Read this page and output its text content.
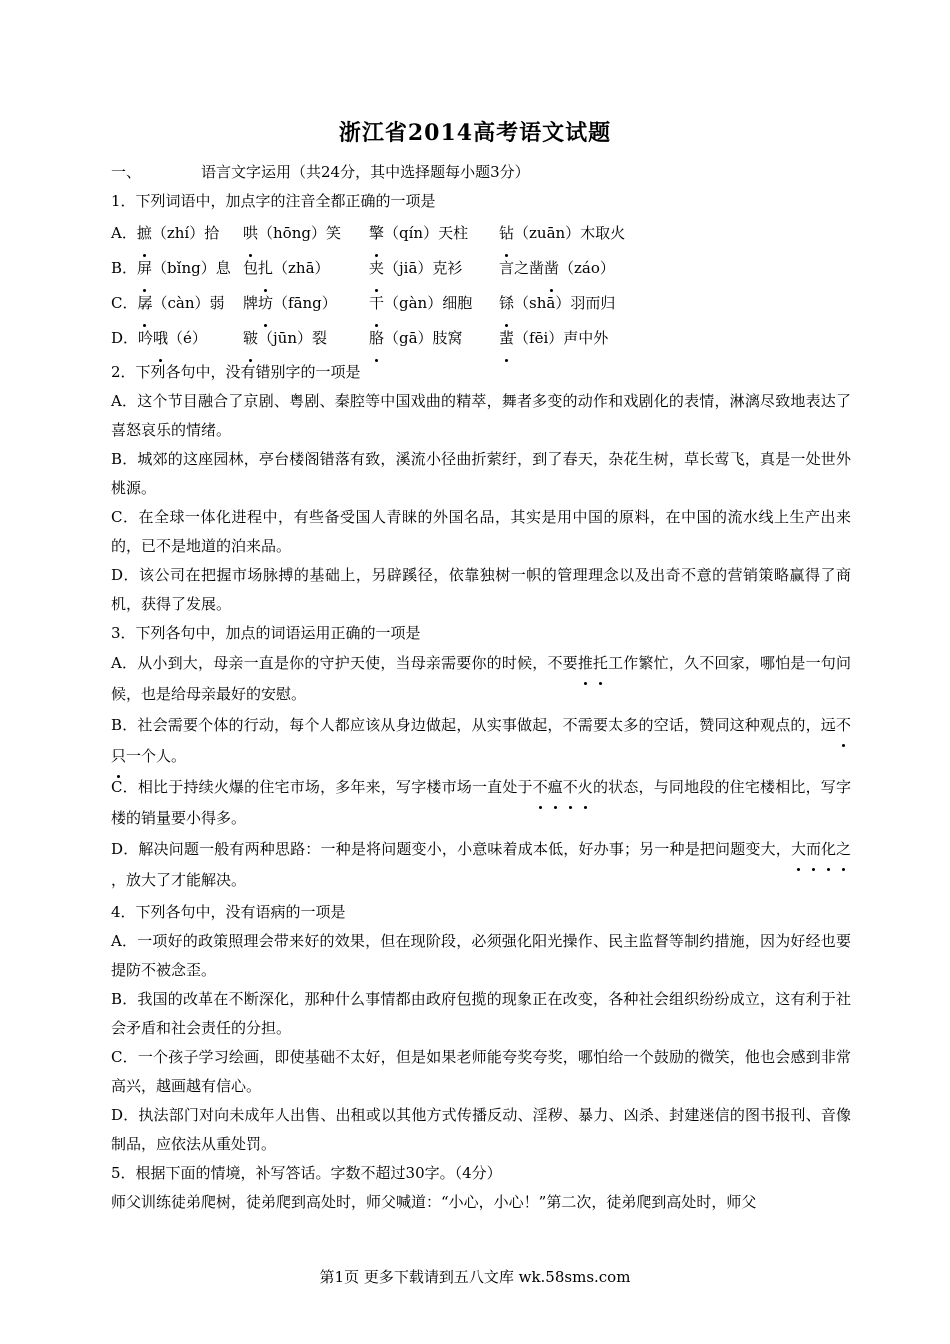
浙江省2014高考语文试题
一、	语言文字运用（共24分，其中选择题每小题3分）
1．下列词语中，加点字的注音全都正确的一项是
A．摭（zhí）拾 哄（hōng）笑 擎（qín）天柱 钻（zuān）木取火
B．屏（bǐng）息 包扎（zhā）	夹（jiā）克衫 言之凿凿（záo）
C．孱（càn）弱 牌坊（fāng） 干（gàn）细胞 铩（shā）羽而归
D．吟哦（é） 皲（jūn）裂	胳（gā）肢窝 蜚（fēi）声中外
2．下列各句中，没有错别字的一项是
A．这个节目融合了京剧、粤剧、秦腔等中国戏曲的精萃，舞者多变的动作和戏剧化的表情，淋漓尽致地表达了喜怒哀乐的情绪。
B．城郊的这座园林，亭台楼阁错落有致，溪流小径曲折萦纡，到了春天，杂花生树，草长莺飞，真是一处世外桃源。
C．在全球一体化进程中，有些备受国人青睐的外国名品，其实是用中国的原料，在中国的流水线上生产出来的，已不是地道的泊来品。
D．该公司在把握市场脉搏的基础上，另辟蹊径，依靠独树一帜的管理理念以及出奇不意的营销策略赢得了商机，获得了发展。
3．下列各句中，加点的词语运用正确的一项是
A．从小到大，母亲一直是你的守护天使，当母亲需要你的时候，不要推托工作繁忙，久不回家，哪怕是一句问候，也是给母亲最好的安慰。
B．社会需要个体的行动，每个人都应该从身边做起，从实事做起，不需要太多的空话，赞同这种观点的，远不只一个人。
C．相比于持续火爆的住宅市场，多年来，写字楼市场一直处于不瘟不火的状态，与同地段的住宅楼相比，写字楼的销量要小得多。
D．解决问题一般有两种思路：一种是将问题变小，小意味着成本低，好办事；另一种是把问题变大，大而化之，放大了才能解决。
4．下列各句中，没有语病的一项是
A．一项好的政策照理会带来好的效果，但在现阶段，必须强化阳光操作、民主监督等制约措施，因为好经也要提防不被念歪。
B．我国的改革在不断深化，那种什么事情都由政府包揽的现象正在改变，各种社会组织纷纷成立，这有利于社会矛盾和社会责任的分担。
C．一个孩子学习绘画，即使基础不太好，但是如果老师能夸奖夸奖，哪怕给一个鼓励的微笑，他也会感到非常高兴，越画越有信心。
D．执法部门对向未成年人出售、出租或以其他方式传播反动、淫秽、暴力、凶杀、封建迷信的图书报刊、音像制品，应依法从重处罚。
5．根据下面的情境，补写答话。字数不超过30字。（4分）
师父训练徒弟爬树，徒弟爬到高处时，师父喊道：“小心，小心！”第二次，徒弟爬到高处时，师父
第1页 更多下载请到五八文库 wk.58sms.com
